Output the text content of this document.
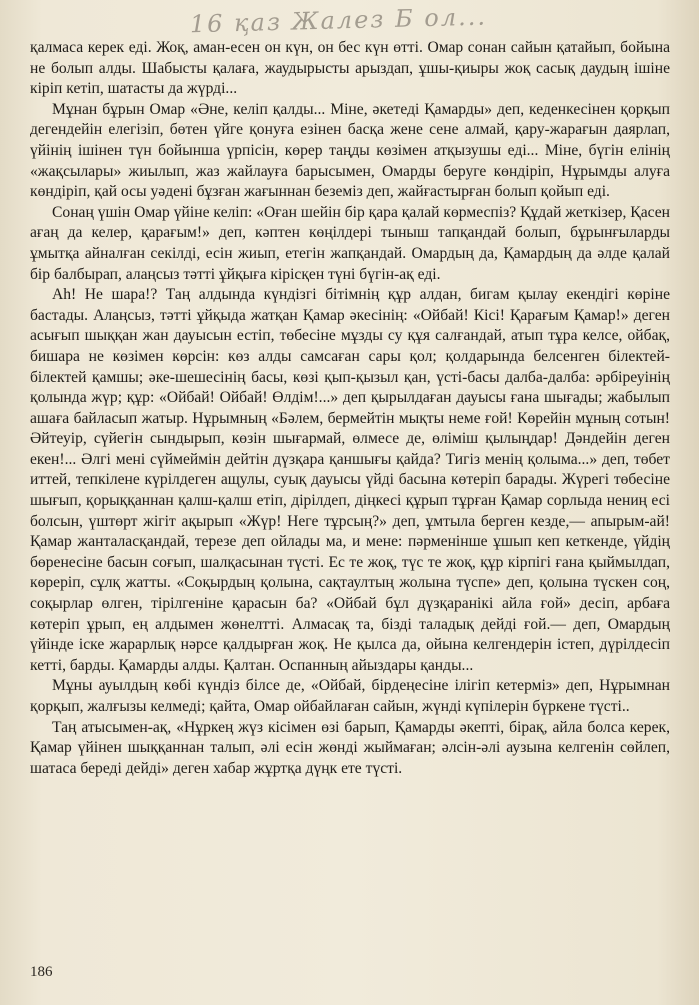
16 қаз Жалез Б ол...

қалмаса керек еді. Жоқ, аман-есен он күн, он бес күн өтті. Омар сонан сайын қатайып, бойына не болып алды. Шабысты қалаға, жаудырысты арыздап, ұшы-қиыры жоқ сасық даудың ішіне кіріп кетіп, шатасты да жүрді...

Мұнан бұрын Омар «Әне, келіп қалды... Міне, әкетеді Қамарды» деп, кеденкесінен қорқып дегендейін елегізіп, бөтен үйге қонуға езінен басқа жене сене алмай, қару-жарағын даярлап, үйінің ішінен түн бойынша үрпісін, көрер таңды көзімен атқызушы еді... Міне, бүгін елінің «жақсылары» жиылып, жаз жайлауға барысымен, Омарды беруге көндіріп, Нұрымды алуға көндіріп, қай осы уәдені бұзған жағыннан беземіз деп, жайғастырған болып қойып еді.

Сонаң үшін Омар үйіне келіп: «Оған шейін бір қара қалай көрмеспіз? Құдай жеткізер, Қасен ағаң да келер, қарағым!» деп, кәптен көңілдері тыныш тапқандай болып, бұрынғыларды ұмытқа айналған секілді, есін жиып, етегін жапқандай. Омардың да, Қамардың да әлде қалай бір балбырап, алаңсыз тәтті ұйқыға кірісқен түні бүгін-ақ еді.

Ah! Не шара!? Таң алдында күндізгі бітімнің құр алдан, бигам қылау екендігі көріне бастады. Алаңсыз, тәтті ұйқыда жатқан Қамар әкесінің: «Ойбай! Кісі! Қарағым Қамар!» деген асығып шыққан жан дауысын естіп, төбесіне мұзды су құя салғандай, атып тұра келсе, ойбақ, бишара не көзімен көрсін: көз алды самсаған сары қол; қолдарында белсенген білектей-білектей қамшы; әке-шешесінің басы, көзі қып-қызыл қан, үсті-басы далба-далба: әрбіреуінің қолында жүр; құр: «Ойбай! Ойбай! Өлдім!...» деп қырылдаған дауысы ғана шығады; жабылып ашаға байласып жатыр. Нұрымның «Бәлем, бермейтін мықты неме ғой! Көрейін мұның сотын! Әйтеуір, сүйегін сындырып, көзін шығармай, өлмесе де, өліміш қылыңдар! Дәндейін деген екен!... Әлгі мені сүймеймін дейтін дүзқара қаншығы қайда? Тигіз менің қолыма...» деп, төбет иттей, тепкілене күрілдеген ащулы, суық дауысы үйді басына көтеріп барады. Жүрегі төбесіне шығып, қорыққаннан қалш-қалш етіп, дірілдеп, діңкесі құрып тұрған Қамар сорлыда нениң есі болсын, үштөрт жігіт ақырып «Жүр! Неге тұрсың?» деп, ұмтыла берген кезде,— апырым-ай! Қамар жанталасқандай, терезе деп ойлады ма, и мене: пәрменінше ұшып кеп кеткенде, үйдің бөренесіне басын соғып, шалқасынан түсті. Ес те жоқ, түс те жоқ, құр кірпігі ғана қыймылдап, көреріп, сұлқ жатты. «Соқырдың қолына, сақтаултың жолына түспе» деп, қолына түскен соң, соқырлар өлген, тірілгеніне қарасын ба? «Ойбай бұл дүзқаранікі айла ғой» десіп, арбаға көтеріп ұрып, ең алдымен жөнелтті. Алмасақ та, бізді таладық дейді ғой.— деп, Омардың үйінде іске жарарлық нәрсе қалдырған жоқ. Не қылса да, ойына келгендерін істеп, дүрілдесіп кетті, барды. Қамарды алды. Қалтан. Оспанның айыздары қанды...

Мұны ауылдың көбі күндіз білсе де, «Ойбай, бірдеңесіне ілігіп кетерміз» деп, Нұрымнан қорқып, жалғызы келмеді; қайта, Омар ойбайлаған сайын, жүнді күпілерін бүркене түсті..

Таң атысымен-ақ, «Нұркең жүз кісімен өзі барып, Қамарды әкепті, бірақ, айла болса керек, Қамар үйінен шыққаннан талып, әлі есін жөнді жыймаған; әлсін-әлі аузына келгенін сөйлеп, шатаса береді дейді» деген хабар жұртқа дүңк ете түсті.

186
